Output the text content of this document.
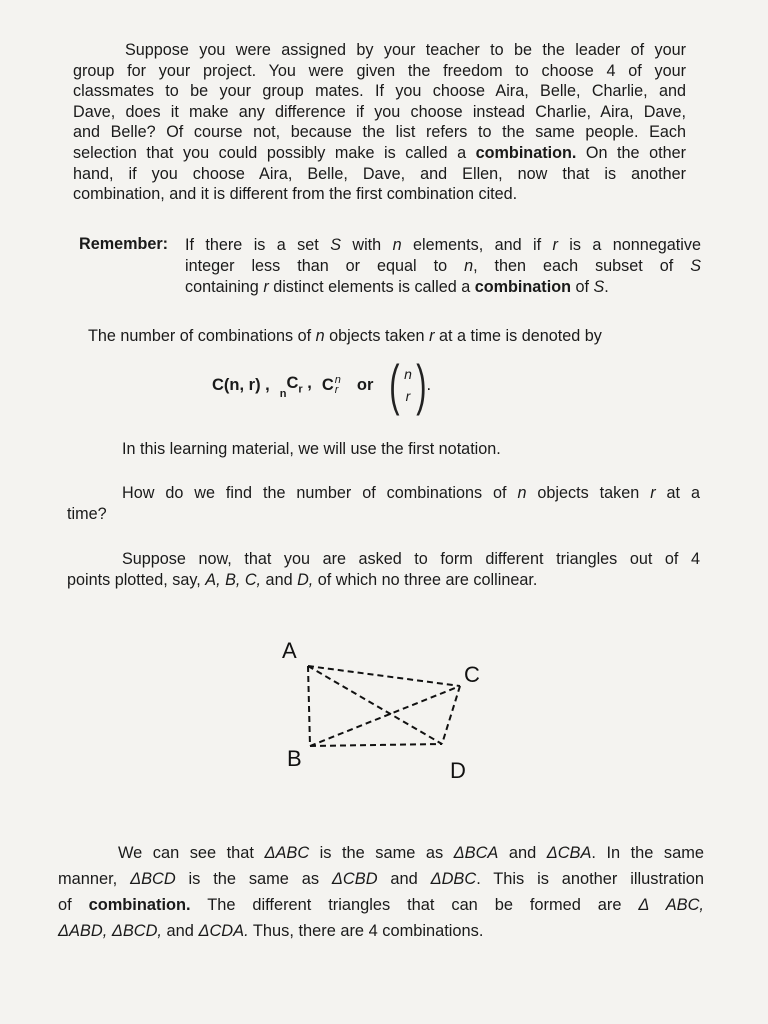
Suppose you were assigned by your teacher to be the leader of your

group for your project. You were given the freedom to choose 4 of your

classmates to be your group mates. If you choose Aira, Belle, Charlie, and

Dave, does it make any difference if you choose instead Charlie, Aira, Dave,

and Belle? Of course not, because the list refers to the same people. Each

selection that you could possibly make is called a combination. On the other

hand, if you choose Aira, Belle, Dave, and Ellen, now that is another

combination, and it is different from the first combination cited.

Remember: If there is a set S with n elements, and if r is a nonnegative
integer less than or equal to n, then each subset of S
containing r distinct elements is called a combination of S.
The number of combinations of n objects taken r at a time is denoted by
C(n, r) ,
$_nC_r$ , C n
r or ( n
r ) .
In this learning material, we will use the first notation.

How do we find the number of combinations of n objects taken r at a

time?

Suppose now, that you are asked to form different triangles out of 4

points plotted, say, A, B, C, and D, of which no three are collinear.

A
C
B	D

We can see that ΔABC is the same as ΔBCA and ΔCBA. In the same

manner, ΔBCD is the same as ΔCBD and ΔDBC. This is another illustration

of combination. The different triangles that can be formed are Δ ABC,

ΔABD, ΔBCD, and ΔCDA. Thus, there are 4 combinations.
